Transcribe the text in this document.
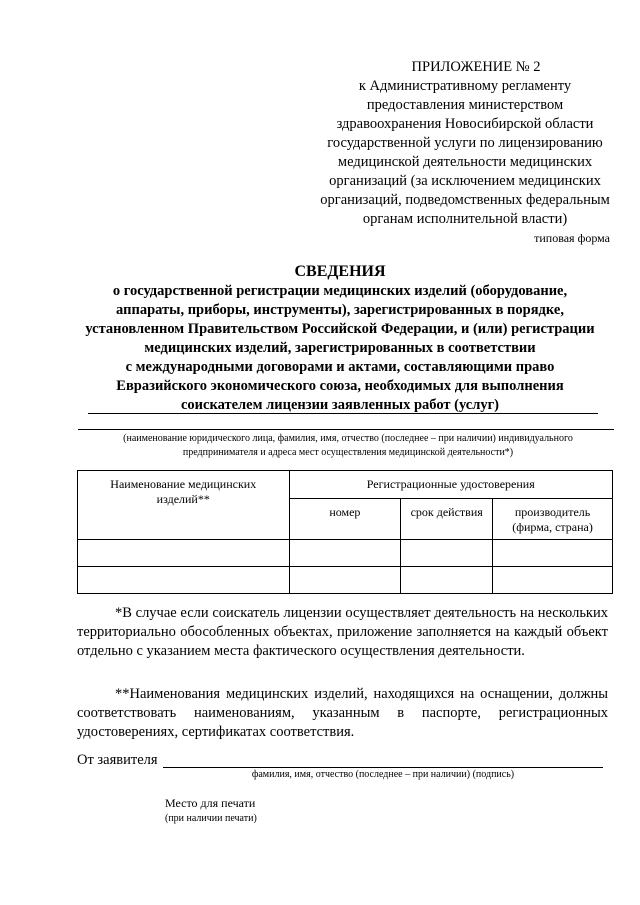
ПРИЛОЖЕНИЕ № 2
к Административному регламенту
предоставления министерством
здравоохранения Новосибирской области
государственной услуги по лицензированию
медицинской деятельности медицинских
организаций (за исключением медицинских
организаций, подведомственных федеральным
органам исполнительной власти)
типовая форма
СВЕДЕНИЯ
о государственной регистрации медицинских изделий (оборудование,
аппараты, приборы, инструменты), зарегистрированных в порядке,
установленном Правительством Российской Федерации, и (или) регистрации
медицинских изделий, зарегистрированных в соответствии
с международными договорами и актами, составляющими право
Евразийского экономического союза, необходимых для выполнения
соискателем лицензии заявленных работ (услуг)
(наименование юридического лица, фамилия, имя, отчество (последнее – при наличии) индивидуального
предпринимателя и адреса мест осуществления медицинской деятельности*)
Наименование медицинских изделий**	Регистрационные удостоверения		
	номер	срок действия	производитель (фирма, страна)

*В случае если соискатель лицензии осуществляет деятельность на нескольких территориально обособленных объектах, приложение заполняется на каждый объект отдельно с указанием места фактического осуществления деятельности.
**Наименования медицинских изделий, находящихся на оснащении, должны соответствовать наименованиям, указанным в паспорте, регистрационных удостоверениях, сертификатах соответствия.
От заявителя
фамилия, имя, отчество (последнее – при наличии) (подпись)
Место для печати
(при наличии печати)
